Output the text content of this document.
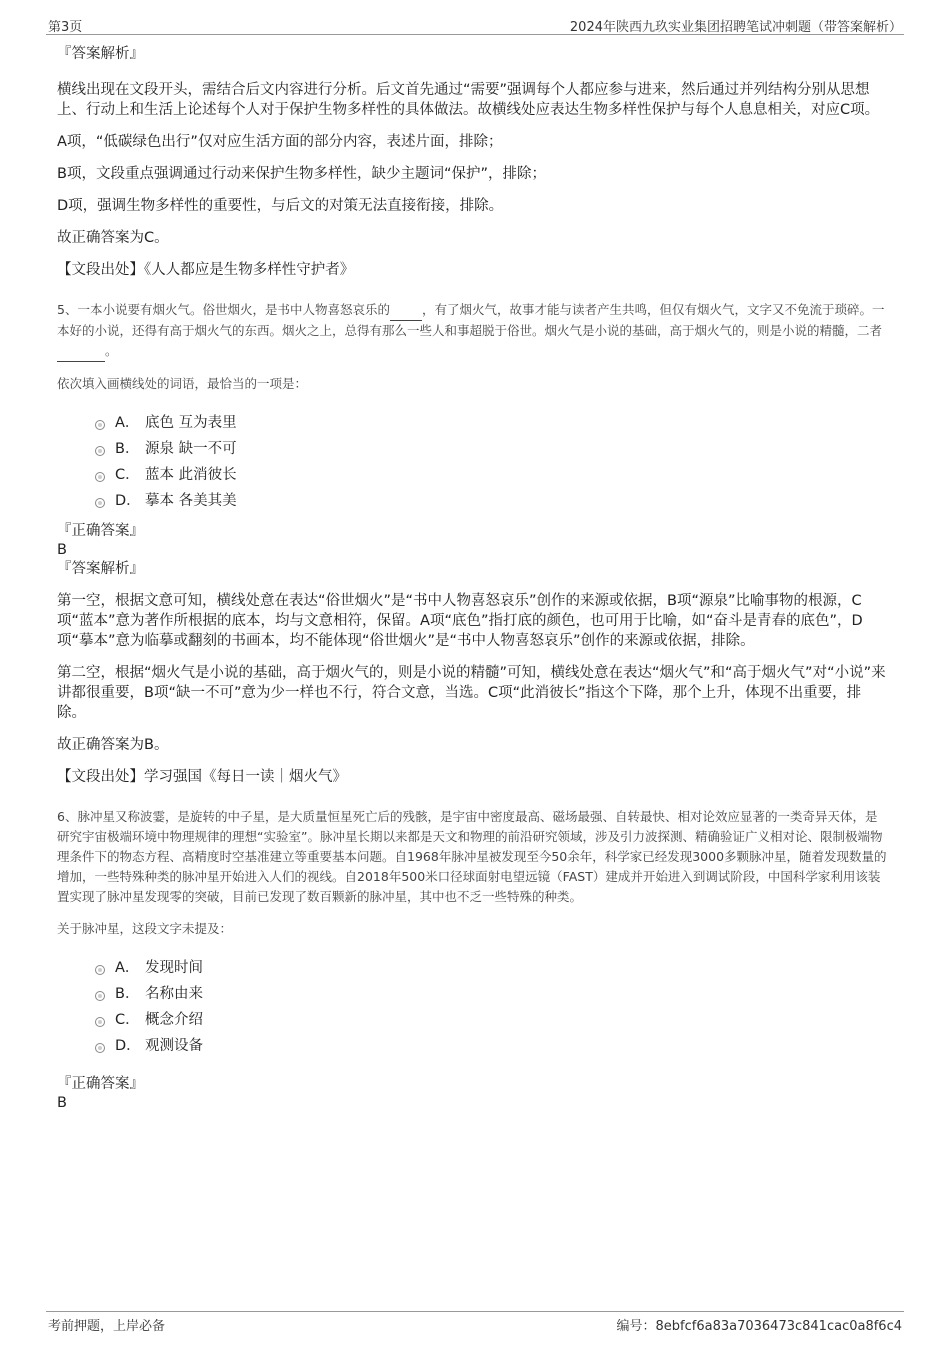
第3页	2024年陕西九玖实业集团招聘笔试冲刺题（带答案解析）

『答案解析』

横线出现在文段开头，需结合后文内容进行分析。后文首先通过“需要”强调每个人都应参与进来，然后通过并列结构分别从思想上、行动上和生活上论述每个人对于保护生物多样性的具体做法。故横线处应表达生物多样性保护与每个人息息相关，对应C项。

A项，“低碳绿色出行”仅对应生活方面的部分内容，表述片面，排除；

B项，文段重点强调通过行动来保护生物多样性，缺少主题词“保护”，排除；

D项，强调生物多样性的重要性，与后文的对策无法直接衔接，排除。

故正确答案为C。

【文段出处】《人人都应是生物多样性守护者》

5、一本小说要有烟火气。俗世烟火，是书中人物喜怒哀乐的	，有了烟火气，故事才能与读者产生共鸣，但仅有烟火气，文字又不免流于琐碎。一本好的小说，还得有高于烟火气的东西。烟火之上，总得有那么一些人和事超脱于俗世。烟火气是小说的基础，高于烟火气的，则是小说的精髓，二者 。

依次填入画横线处的词语，最恰当的一项是：

A． 底色 互为表里
B． 源泉 缺一不可
C． 蓝本 此消彼长
D． 摹本 各美其美

『正确答案』

B

『答案解析』

第一空，根据文意可知，横线处意在表达“俗世烟火”是“书中人物喜怒哀乐”创作的来源或依据，B项“源泉”比喻事物的根源，C项“蓝本”意为著作所根据的底本，均与文意相符，保留。A项“底色”指打底的颜色，也可用于比喻，如“奋斗是青春的底色”，D项“摹本”意为临摹或翻刻的书画本，均不能体现“俗世烟火”是“书中人物喜怒哀乐”创作的来源或依据，排除。

第二空，根据“烟火气是小说的基础，高于烟火气的，则是小说的精髓”可知，横线处意在表达“烟火气”和“高于烟火气”对“小说”来讲都很重要，B项“缺一不可”意为少一样也不行，符合文意，当选。C项“此消彼长”指这个下降，那个上升，体现不出重要，排除。

故正确答案为B。

【文段出处】学习强国《每日一读｜烟火气》

6、脉冲星又称波霎，是旋转的中子星，是大质量恒星死亡后的残骸，是宇宙中密度最高、磁场最强、自转最快、相对论效应显著的一类奇异天体，是研究宇宙极端环境中物理规律的理想“实验室”。脉冲星长期以来都是天文和物理的前沿研究领域，涉及引力波探测、精确验证广义相对论、限制极端物理条件下的物态方程、高精度时空基准建立等重要基本问题。自1968年脉冲星被发现至今50余年，科学家已经发现3000多颗脉冲星，随着发现数量的增加，一些特殊种类的脉冲星开始进入人们的视线。自2018年500米口径球面射电望远镜（FAST）建成并开始进入到调试阶段，中国科学家利用该装置实现了脉冲星发现零的突破，目前已发现了数百颗新的脉冲星，其中也不乏一些特殊的种类。

关于脉冲星，这段文字未提及：

A． 发现时间
B． 名称由来
C． 概念介绍
D． 观测设备

『正确答案』

B

考前押题，上岸必备	编号：8ebfcf6a83a7036473c841cac0a8f6c4
